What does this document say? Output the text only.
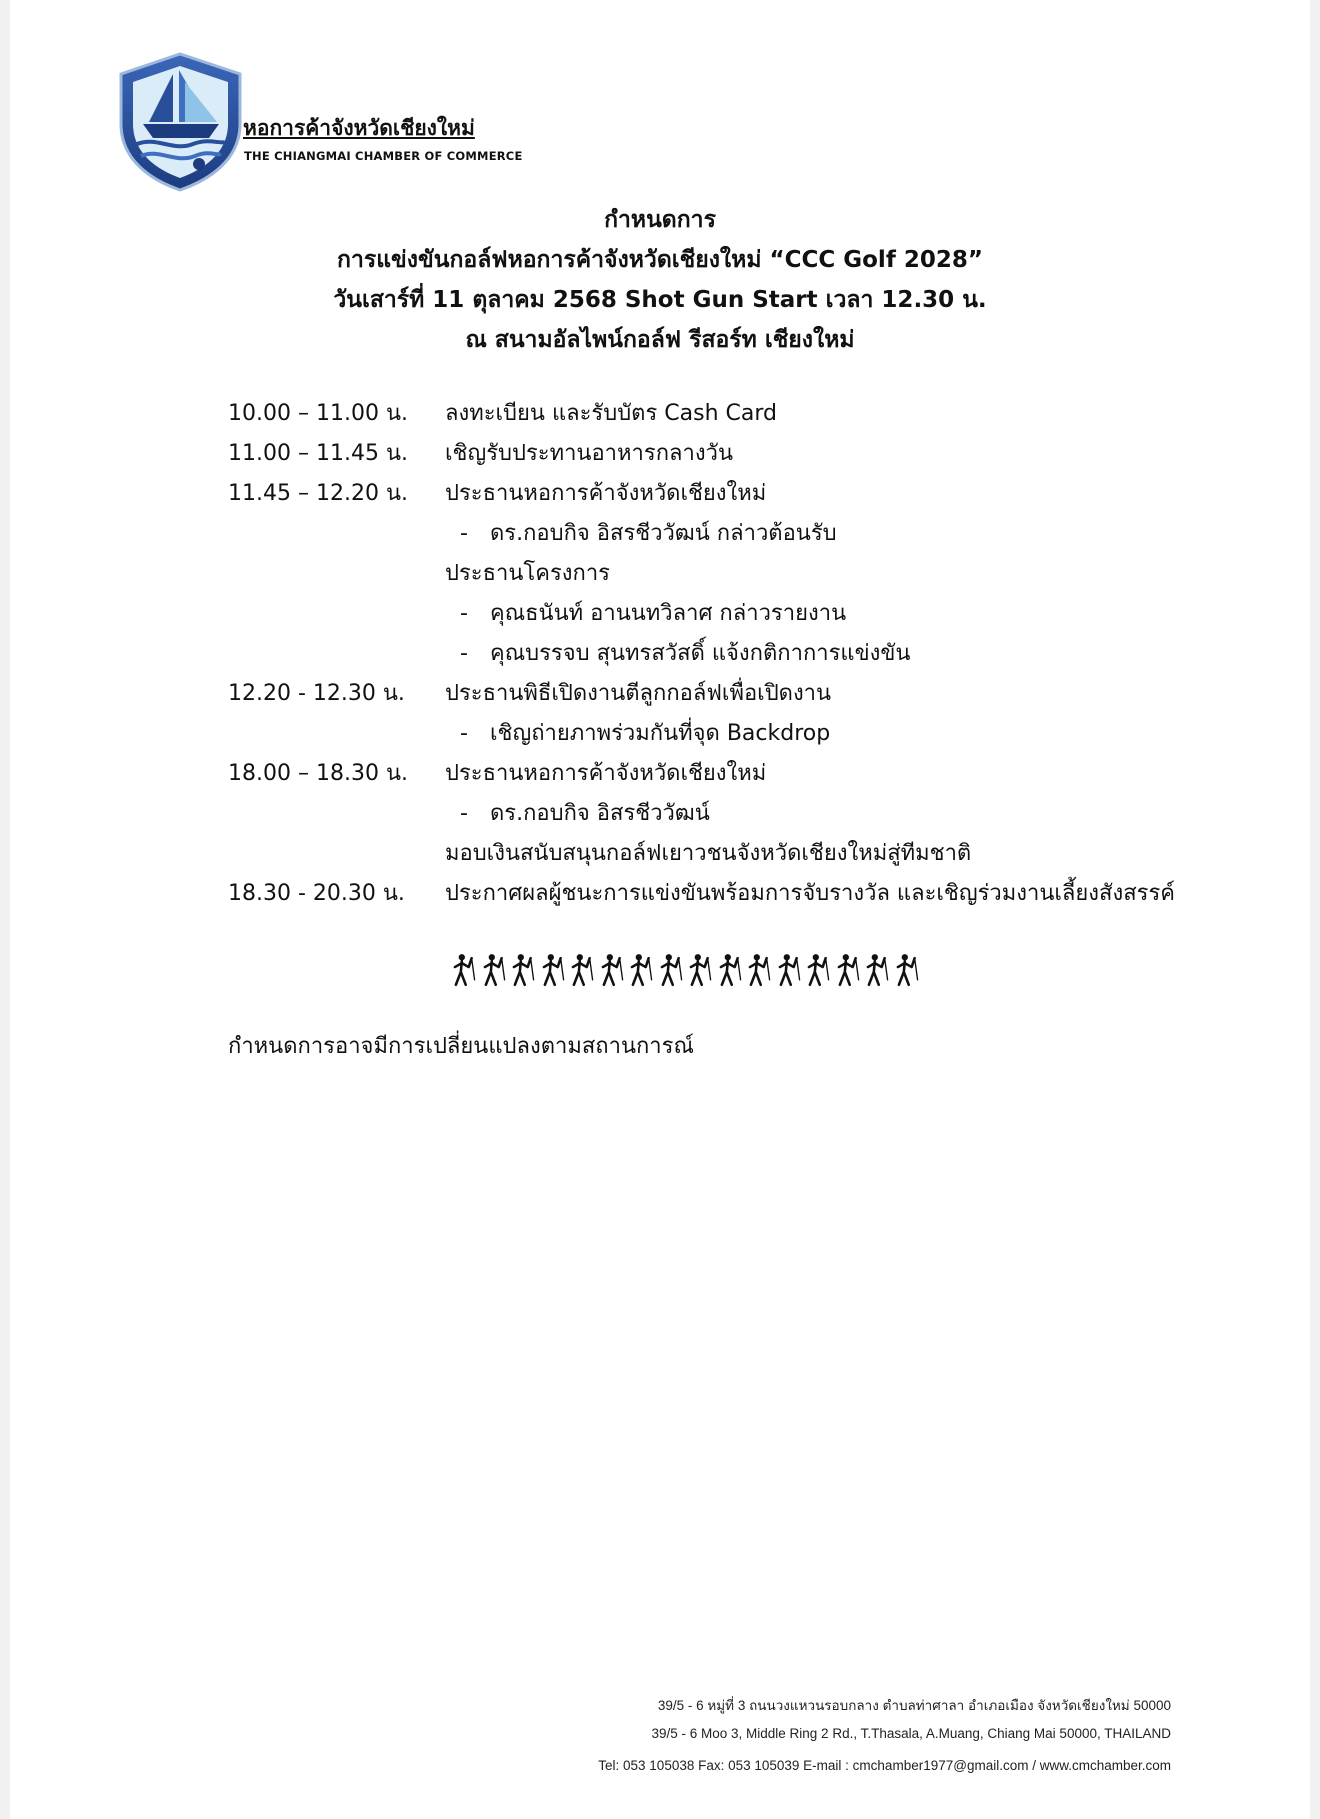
หอการค้าจังหวัดเชียงใหม่
THE CHIANGMAI CHAMBER OF COMMERCE
กำหนดการ
การแข่งขันกอล์ฟหอการค้าจังหวัดเชียงใหม่ “CCC Golf 2028”
วันเสาร์ที่ 11 ตุลาคม 2568 Shot Gun Start เวลา 12.30 น.
ณ สนามอัลไพน์กอล์ฟ รีสอร์ท เชียงใหม่
10.00 – 11.00 น. ลงทะเบียน และรับบัตร Cash Card
11.00 – 11.45 น. เชิญรับประทานอาหารกลางวัน
11.45 – 12.20 น. ประธานหอการค้าจังหวัดเชียงใหม่
- ดร.กอบกิจ อิสรชีววัฒน์ กล่าวต้อนรับ
ประธานโครงการ
- คุณธนันท์ อานนทวิลาศ กล่าวรายงาน
- คุณบรรจบ สุนทรสวัสดิ์ แจ้งกติกาการแข่งขัน
12.20 - 12.30 น. ประธานพิธีเปิดงานตีลูกกอล์ฟเพื่อเปิดงาน
- เชิญถ่ายภาพร่วมกันที่จุด Backdrop
18.00 – 18.30 น. ประธานหอการค้าจังหวัดเชียงใหม่
- ดร.กอบกิจ อิสรชีววัฒน์
มอบเงินสนับสนุนกอล์ฟเยาวชนจังหวัดเชียงใหม่สู่ทีมชาติ
18.30 - 20.30 น. ประกาศผลผู้ชนะการแข่งขันพร้อมการจับรางวัล และเชิญร่วมงานเลี้ยงสังสรรค์
กำหนดการอาจมีการเปลี่ยนแปลงตามสถานการณ์
39/5 - 6 หมู่ที่ 3 ถนนวงแหวนรอบกลาง ตำบลท่าศาลา อำเภอเมือง จังหวัดเชียงใหม่ 50000
39/5 - 6 Moo 3, Middle Ring 2 Rd., T.Thasala, A.Muang, Chiang Mai 50000, THAILAND
Tel: 053 105038 Fax: 053 105039 E-mail : cmchamber1977@gmail.com / www.cmchamber.com
